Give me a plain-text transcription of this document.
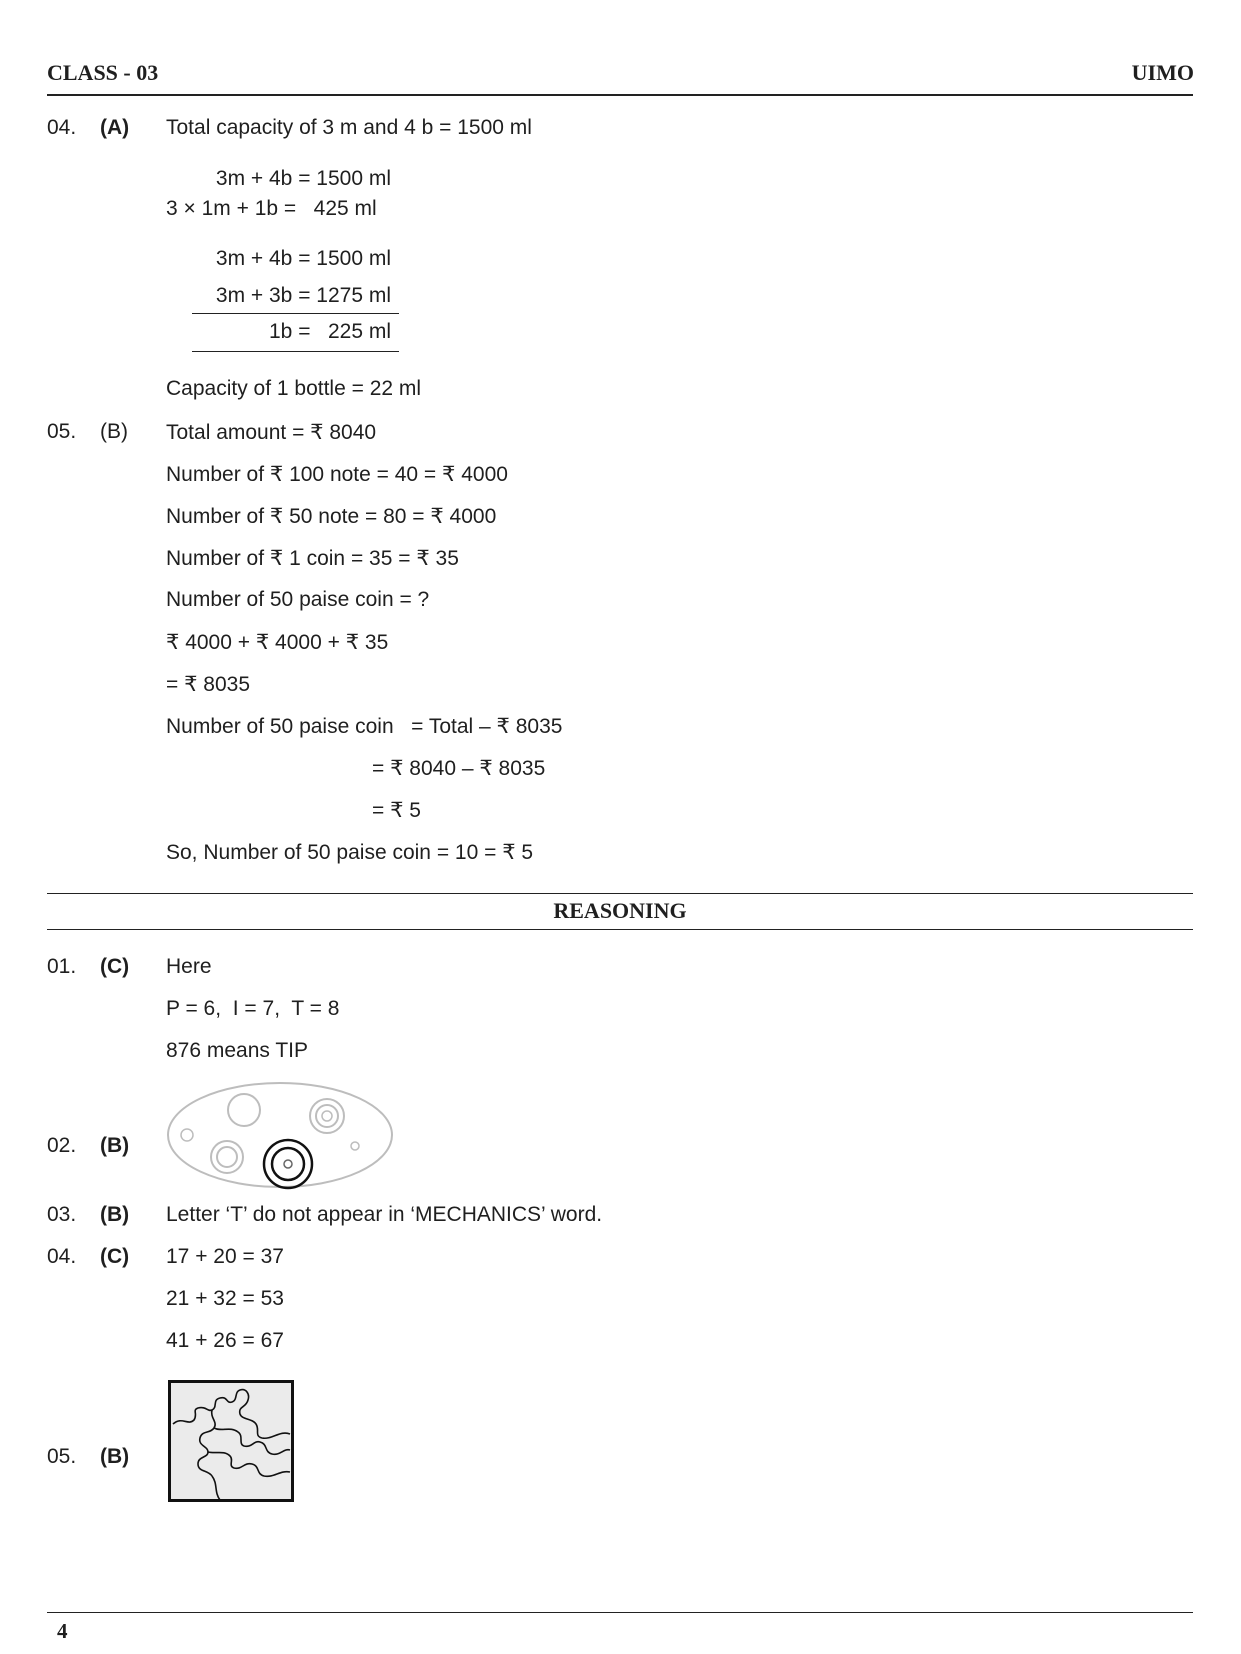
CLASS - 03	UIMO
04. (A) Total capacity of 3 m and 4 b = 1500 ml
3m + 4b = 1500 ml
3 × 1m + 1b =   425 ml
3m + 4b = 1500 ml
3m + 3b = 1275 ml
1b =   225 ml
Capacity of 1 bottle = 22 ml
05. (B) Total amount = ₹ 8040
Number of ₹ 100 note = 40 = ₹ 4000
Number of ₹ 50 note = 80 = ₹ 4000
Number of ₹ 1 coin = 35 = ₹ 35
Number of 50 paise coin = ?
₹ 4000 + ₹ 4000 + ₹ 35
= ₹ 8035
Number of 50 paise coin   = Total – ₹ 8035
= ₹ 8040 – ₹ 8035
= ₹ 5
So, Number of 50 paise coin = 10 = ₹ 5
REASONING
01. (C) Here
P = 6,  I = 7,  T = 8
876 means TIP
02. (B)
03. (B) Letter ‘T’ do not appear in ‘MECHANICS’ word.
04. (C) 17 + 20 = 37
21 + 32 = 53
41 + 26 = 67
05. (B)
4
